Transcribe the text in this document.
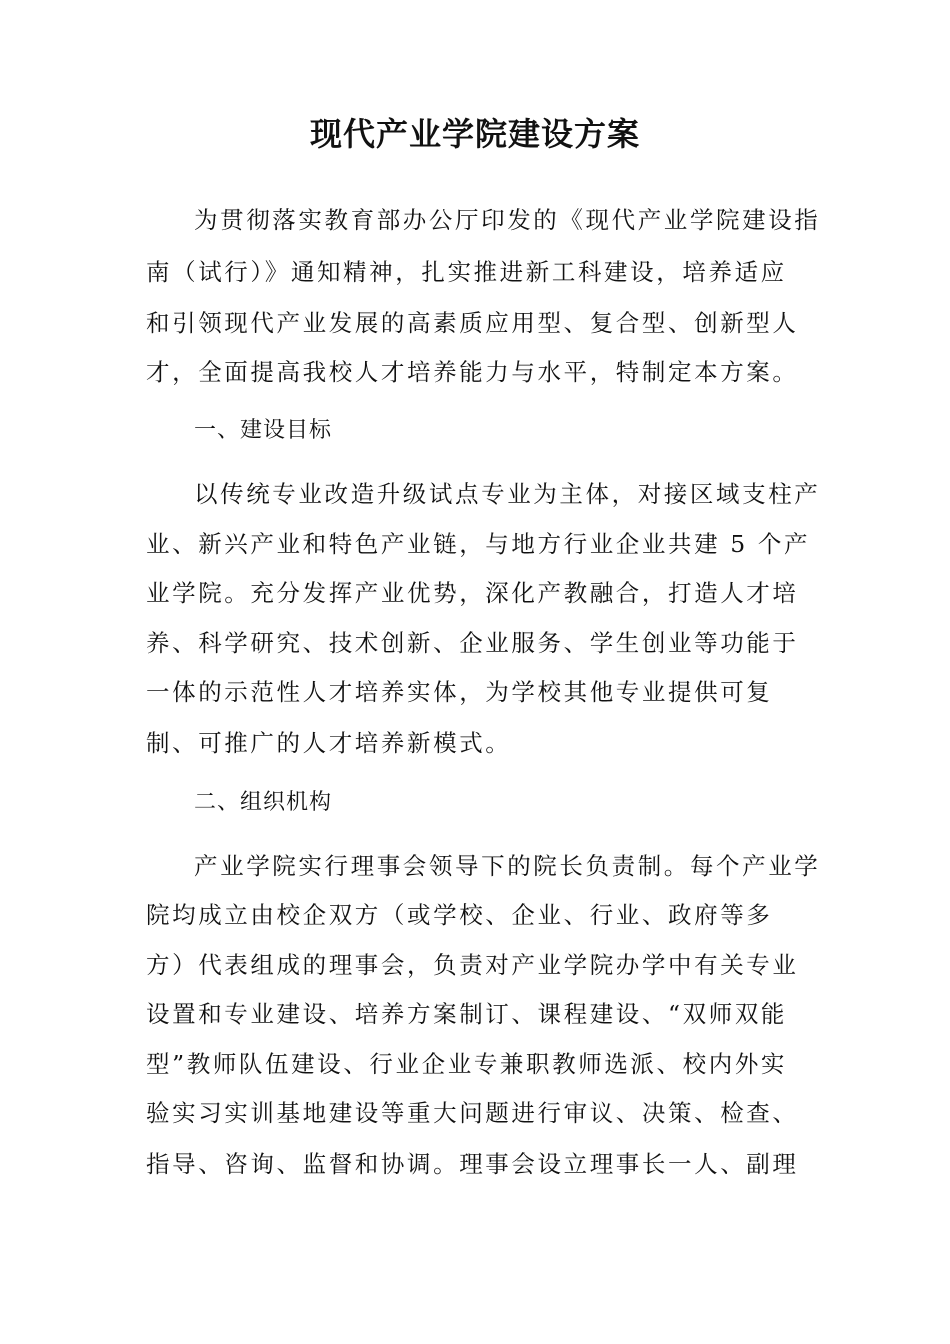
现代产业学院建设方案
为贯彻落实教育部办公厅印发的《现代产业学院建设指
南（试行）》通知精神，扎实推进新工科建设，培养适应
和引领现代产业发展的高素质应用型、复合型、创新型人
才，全面提高我校人才培养能力与水平，特制定本方案。
一、建设目标
以传统专业改造升级试点专业为主体，对接区域支柱产
业、新兴产业和特色产业链，与地方行业企业共建 5 个产
业学院。充分发挥产业优势，深化产教融合，打造人才培
养、科学研究、技术创新、企业服务、学生创业等功能于
一体的示范性人才培养实体，为学校其他专业提供可复
制、可推广的人才培养新模式。
二、组织机构
产业学院实行理事会领导下的院长负责制。每个产业学
院均成立由校企双方（或学校、企业、行业、政府等多
方）代表组成的理事会，负责对产业学院办学中有关专业
设置和专业建设、培养方案制订、课程建设、“双师双能
型”教师队伍建设、行业企业专兼职教师选派、校内外实
验实习实训基地建设等重大问题进行审议、决策、检查、
指导、咨询、监督和协调。理事会设立理事长一人、副理
